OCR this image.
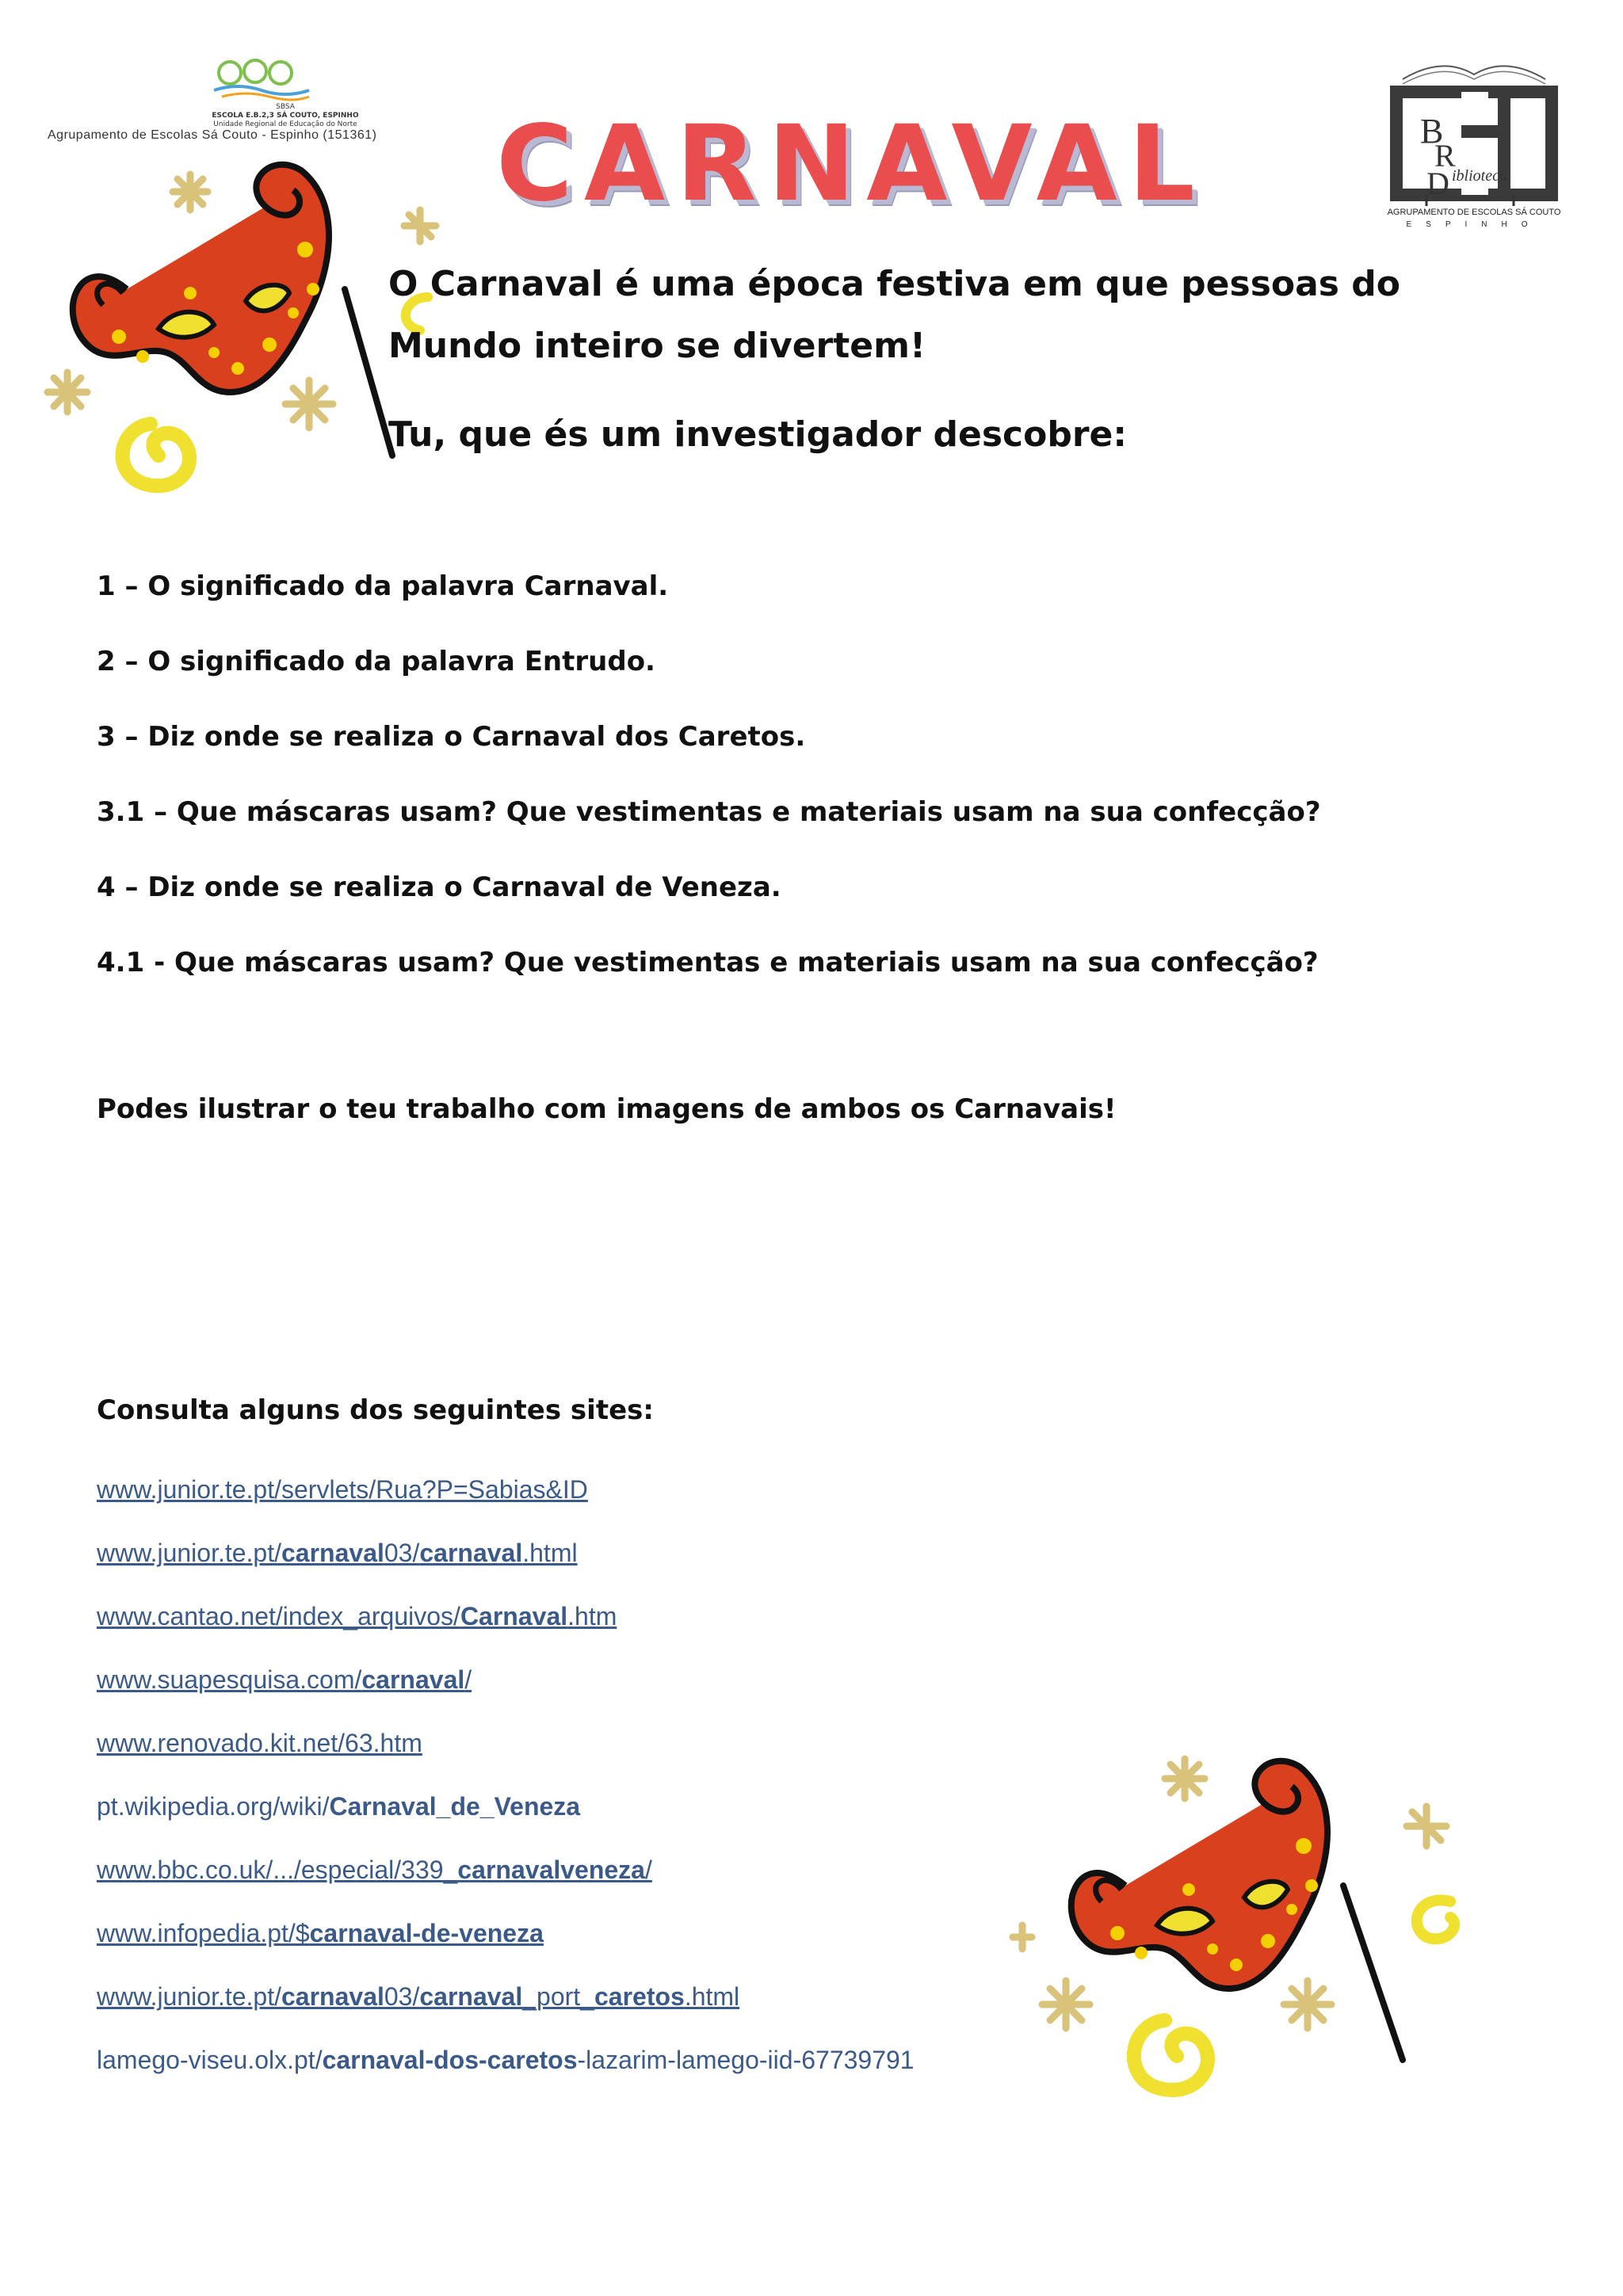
SBSA
ESCOLA E.B.2,3 SÁ COUTO, ESPINHO
Unidade Regional de Educação do Norte
Agrupamento de Escolas Sá Couto - Espinho (151361)	CARNAVAL	B
R
D iblioteca
AGRUPAMENTO DE ESCOLAS SÁ COUTO
ESPINHO

O Carnaval é uma época festiva em que pessoas do Mundo inteiro se divertem!

Tu, que és um investigador descobre:

1 – O significado da palavra Carnaval.
2 – O significado da palavra Entrudo.
3 – Diz onde se realiza o Carnaval dos Caretos.
3.1 – Que máscaras usam? Que vestimentas e materiais usam na sua confecção?
4 – Diz onde se realiza o Carnaval de Veneza.
4.1 - Que máscaras usam? Que vestimentas e materiais usam na sua confecção?
Podes ilustrar o teu trabalho com imagens de ambos os Carnavais!
Consulta alguns dos seguintes sites:
www.junior.te.pt/servlets/Rua?P=Sabias&ID
www.junior.te.pt/carnaval03/carnaval.html
www.cantao.net/index_arquivos/Carnaval.htm
www.suapesquisa.com/carnaval/
www.renovado.kit.net/63.htm
pt.wikipedia.org/wiki/Carnaval_de_Veneza
www.bbc.co.uk/.../especial/339_carnavalveneza/
www.infopedia.pt/$carnaval-de-veneza
www.junior.te.pt/carnaval03/carnaval_port_caretos.html
lamego-viseu.olx.pt/carnaval-dos-caretos-lazarim-lamego-iid-67739791
